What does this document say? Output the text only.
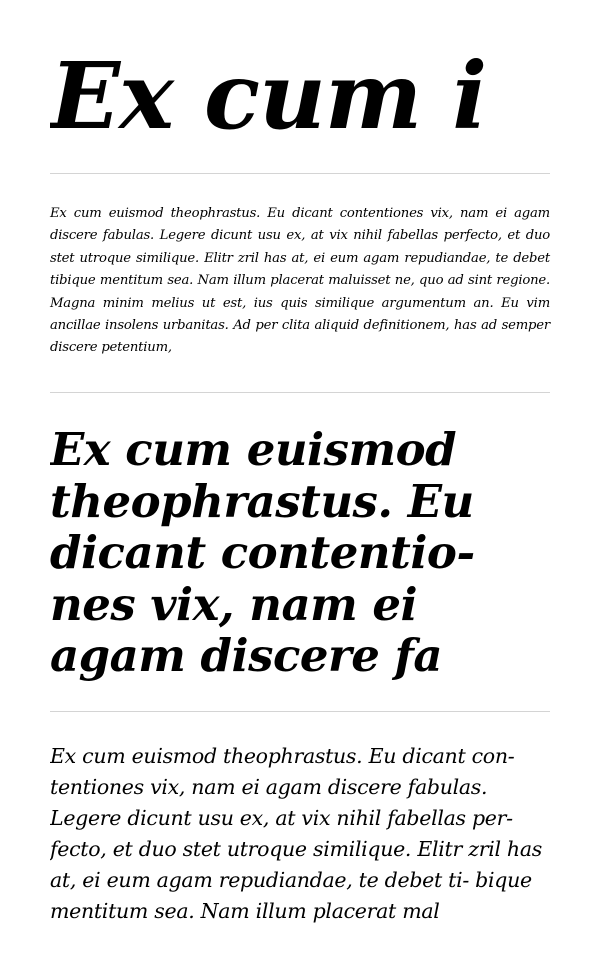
Ex cum i

Ex cum euismod theophrastus. Eu dicant contentiones vix, nam ei agam discere fabulas. Legere dicunt usu ex, at vix nihil fabellas perfecto, et duo stet utroque similique. Elitr zril has at, ei eum agam repudiandae, te debet tibique mentitum sea. Nam illum placerat maluisset ne, quo ad sint regione. Magna minim melius ut est, ius quis similique argumentum an. Eu vim ancillae insolens urbanitas. Ad per clita aliquid definitionem, has ad semper discere petentium,

Ex cum euismod theophrastus. Eu dicant contentio- nes vix, nam ei agam discere fa

Ex cum euismod theophrastus. Eu dicant con- tentiones vix, nam ei agam discere fabulas. Legere dicunt usu ex, at vix nihil fabellas per- fecto, et duo stet utroque similique. Elitr zril has at, ei eum agam repudiandae, te debet ti- bique mentitum sea. Nam illum placerat mal
